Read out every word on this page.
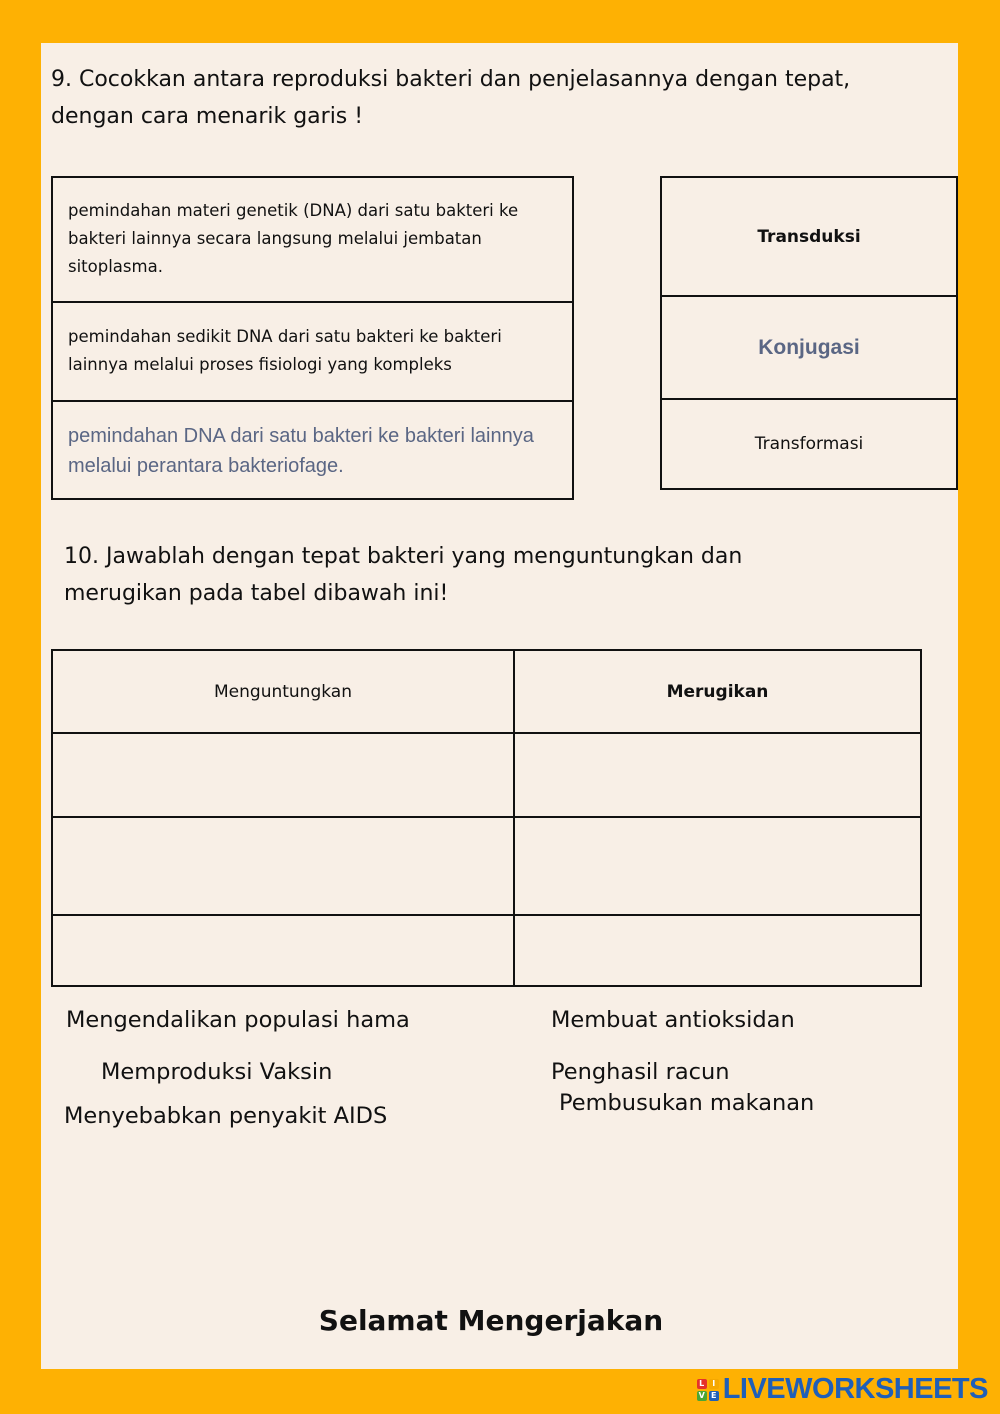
9. Cocokkan antara reproduksi bakteri dan penjelasannya dengan tepat,
dengan cara menarik garis !
pemindahan materi genetik (DNA) dari satu bakteri ke bakteri lainnya secara langsung melalui jembatan sitoplasma.
pemindahan sedikit DNA dari satu bakteri ke bakteri lainnya melalui proses fisiologi yang kompleks
pemindahan DNA dari satu bakteri ke bakteri lainnya melalui perantara bakteriofage.
Transduksi
Konjugasi
Transformasi
10. Jawablah dengan tepat bakteri yang menguntungkan dan
merugikan pada tabel dibawah ini!
Menguntungkan	Merugikan
Mengendalikan populasi hama	Membuat antioksidan
Memproduksi Vaksin	Penghasil racun
Menyebabkan penyakit AIDS	Pembusukan makanan
Selamat Mengerjakan
L I
V E LIVEWORKSHEETS
